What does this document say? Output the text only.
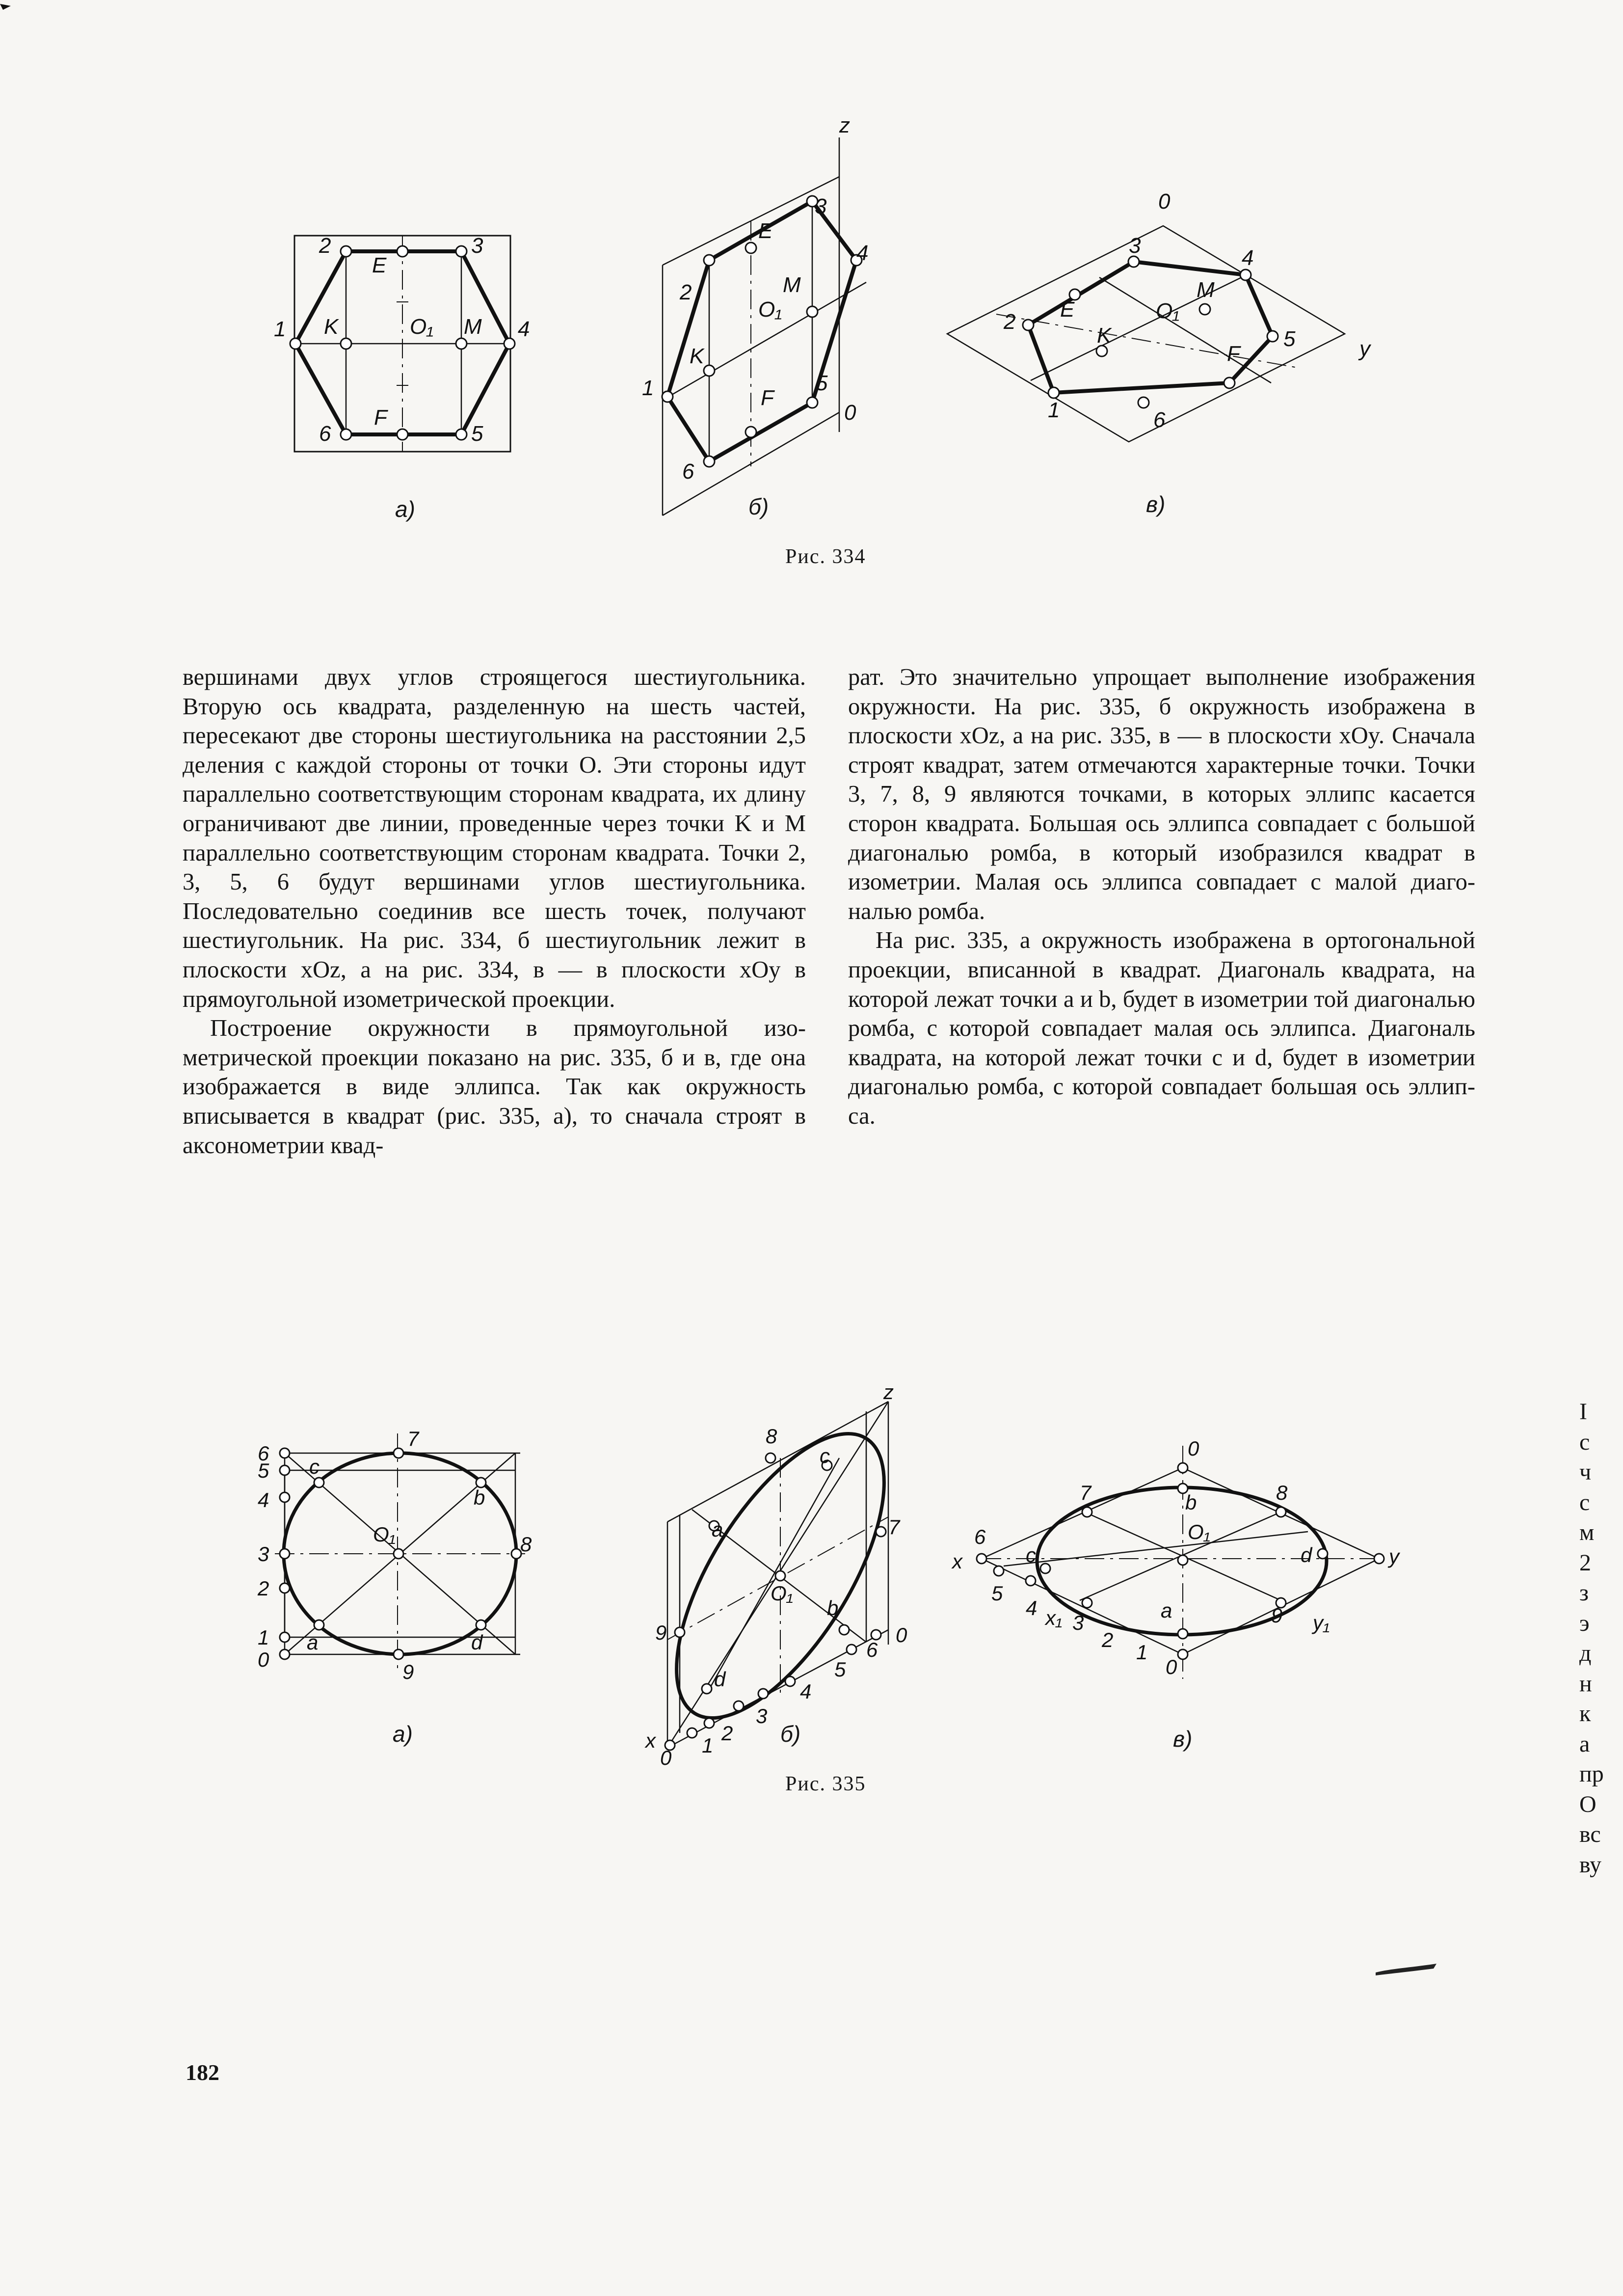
1
2	3
4
5
6
E
F
K	M
O₁
a)
z
1
2
3
4
5
6
E
F
K
M
O₁
0
б)
0
y
1
2
3
4
5
6
E
F
K
M
O₁
в)
Рис. 334

вершинами двух углов строящегося шестиугольника. Вторую ось квадрата, разделенную на шесть частей, пересекают две стороны шестиугольника на расстоянии 2,5 деления с каждой стороны от точки O. Эти стороны идут параллельно соответствующим сторонам квадрата, их длину ограничивают две линии, проведенные через точки K и M параллельно соответствующим сторонам квадрата. Точки 2, 3, 5, 6 будут вершинами углов шестиугольника. Последовательно соединив все шесть точек, получают шестиугольник. На рис. 334, б шестиугольник лежит в плоскости xOz, а на рис. 334, в — в плоскости xOy в прямоугольной изометрической проекции.

Построение окружности в прямоугольной изометрической проекции показано на рис. 335, б и в, где она изображается в виде эллипса. Так как окружность вписывается в квадрат (рис. 335, а), то сначала строят в аксонометрии квад-

рат. Это значительно упрощает выполнение изображения окружности. На рис. 335, б окружность изображена в плоскости xOz, а на рис. 335, в — в плоскости xOy. Сначала строят квадрат, затем отмечаются характерные точки. Точки 3, 7, 8, 9 являются точками, в которых эллипс касается сторон квадрата. Большая ось эллипса совпадает с большой диагональю ромба, в который изобразился квадрат в изометрии. Малая ось эллипса совпадает с малой диагональю ромба.

На рис. 335, а окружность изображена в ортогональной проекции, вписанной в квадрат. Диагональ квадрата, на которой лежат точки a и b, будет в изометрии той диагональю ромба, с которой совпадает малая ось эллипса. Диагональ квадрата, на которой лежат точки c и d, будет в изометрии диагональю ромба, с которой совпадает большая ось эллипса.

0
1
2
3
4
5
6
7
8
9
a
b
c
d
O₁
a)	x
z
0
0
1
2
3
4
5
6
7
8
9
a
b
c
d
O₁
б)
0
0
1
2
3
4
5
6
7	8
9
a
b
c	d
O₁
x	y
x₁	y₁
в)
Рис. 335
182
I
c
ч
c
м
2
з
э
д
н
к
а
пр
O
вс
ву
